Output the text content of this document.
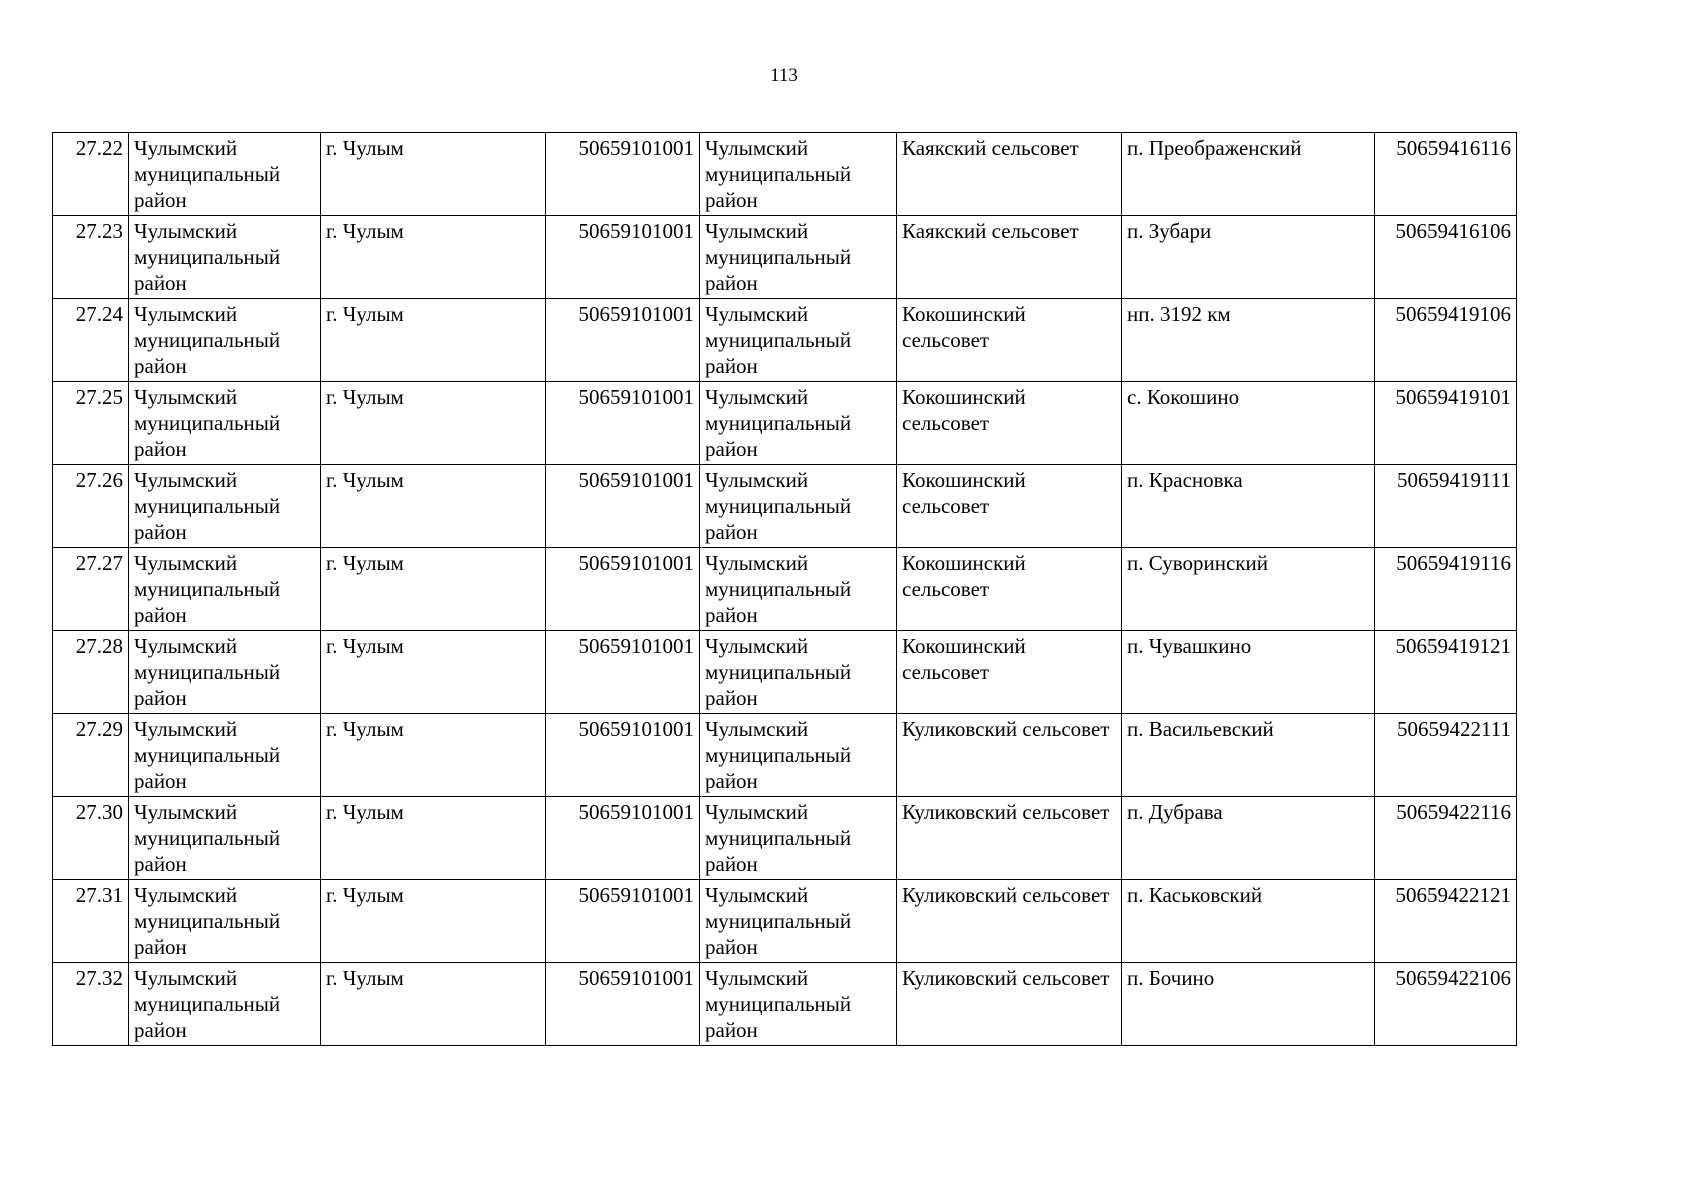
113
27.22	Чулымский муниципальный район	г. Чулым	50659101001	Чулымский муниципальный район	Каякский сельсовет	п. Преображенский	50659416116
27.23	Чулымский муниципальный район	г. Чулым	50659101001	Чулымский муниципальный район	Каякский сельсовет	п. Зубари	50659416106
27.24	Чулымский муниципальный район	г. Чулым	50659101001	Чулымский муниципальный район	Кокошинский сельсовет	нп. 3192 км	50659419106
27.25	Чулымский муниципальный район	г. Чулым	50659101001	Чулымский муниципальный район	Кокошинский сельсовет	с. Кокошино	50659419101
27.26	Чулымский муниципальный район	г. Чулым	50659101001	Чулымский муниципальный район	Кокошинский сельсовет	п. Красновка	50659419111
27.27	Чулымский муниципальный район	г. Чулым	50659101001	Чулымский муниципальный район	Кокошинский сельсовет	п. Суворинский	50659419116
27.28	Чулымский муниципальный район	г. Чулым	50659101001	Чулымский муниципальный район	Кокошинский сельсовет	п. Чувашкино	50659419121
27.29	Чулымский муниципальный район	г. Чулым	50659101001	Чулымский муниципальный район	Куликовский сельсовет	п. Васильевский	50659422111
27.30	Чулымский муниципальный район	г. Чулым	50659101001	Чулымский муниципальный район	Куликовский сельсовет	п. Дубрава	50659422116
27.31	Чулымский муниципальный район	г. Чулым	50659101001	Чулымский муниципальный район	Куликовский сельсовет	п. Каськовский	50659422121
27.32	Чулымский муниципальный район	г. Чулым	50659101001	Чулымский муниципальный район	Куликовский сельсовет	п. Бочино	50659422106
